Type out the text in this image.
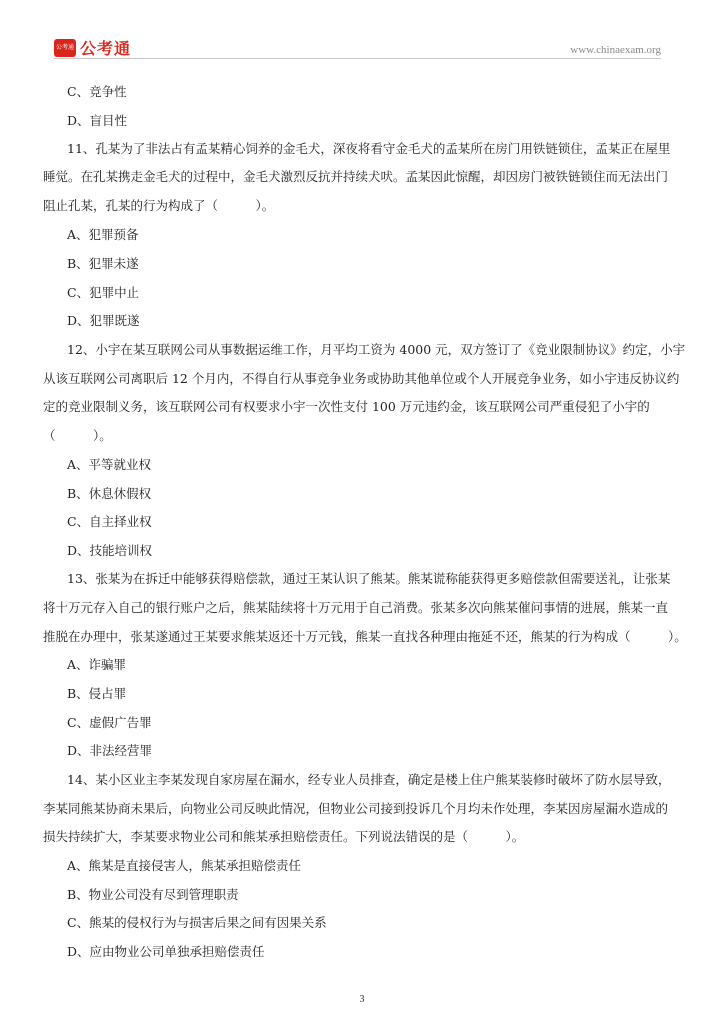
公考通 公考通	www.chinaexam.org
C、竞争性
D、盲目性
11、孔某为了非法占有孟某精心饲养的金毛犬，深夜将看守金毛犬的孟某所在房门用铁链锁住，孟某正在屋里
睡觉。在孔某携走金毛犬的过程中，金毛犬激烈反抗并持续犬吠。孟某因此惊醒，却因房门被铁链锁住而无法出门
阻止孔某，孔某的行为构成了（　　　）。
A、犯罪预备
B、犯罪未遂
C、犯罪中止
D、犯罪既遂
12、小宇在某互联网公司从事数据运维工作，月平均工资为 4000 元，双方签订了《竞业限制协议》约定，小宇
从该互联网公司离职后 12 个月内，不得自行从事竞争业务或协助其他单位或个人开展竞争业务，如小宇违反协议约
定的竞业限制义务，该互联网公司有权要求小宇一次性支付 100 万元违约金，该互联网公司严重侵犯了小宇的
（　　　）。
A、平等就业权
B、休息休假权
C、自主择业权
D、技能培训权
13、张某为在拆迁中能够获得赔偿款，通过王某认识了熊某。熊某谎称能获得更多赔偿款但需要送礼，让张某
将十万元存入自己的银行账户之后，熊某陆续将十万元用于自己消费。张某多次向熊某催问事情的进展，熊某一直
推脱在办理中，张某遂通过王某要求熊某返还十万元钱，熊某一直找各种理由拖延不还，熊某的行为构成（　　　）。
A、诈骗罪
B、侵占罪
C、虚假广告罪
D、非法经营罪
14、某小区业主李某发现自家房屋在漏水，经专业人员排查，确定是楼上住户熊某装修时破坏了防水层导致，
李某同熊某协商未果后，向物业公司反映此情况，但物业公司接到投诉几个月均未作处理，李某因房屋漏水造成的
损失持续扩大，李某要求物业公司和熊某承担赔偿责任。下列说法错误的是（　　　）。
A、熊某是直接侵害人，熊某承担赔偿责任
B、物业公司没有尽到管理职责
C、熊某的侵权行为与损害后果之间有因果关系
D、应由物业公司单独承担赔偿责任
3
